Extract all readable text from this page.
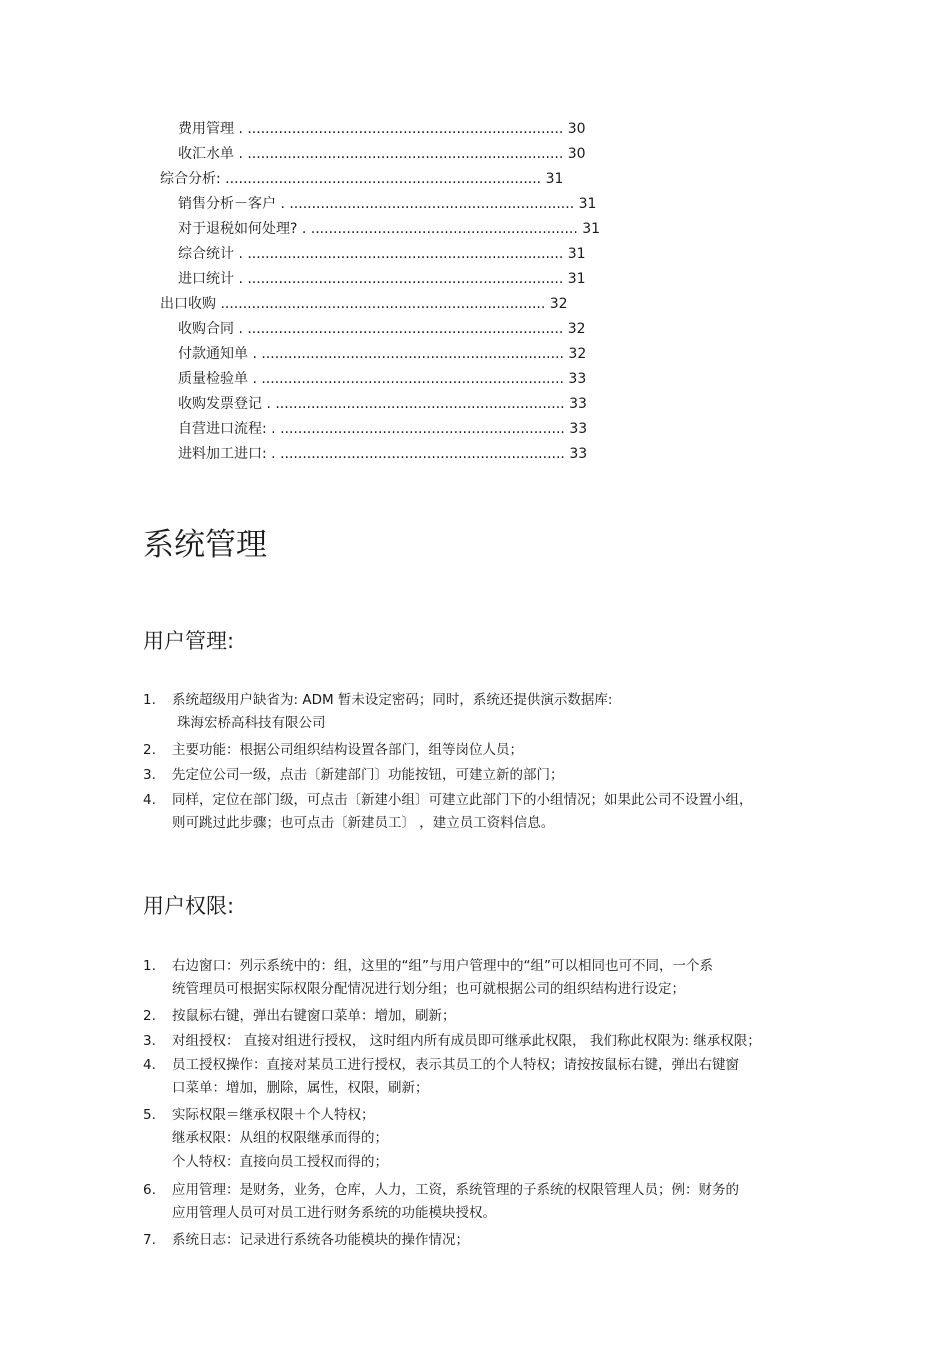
费用管理 . ....................................................................... 30
收汇水单 . ....................................................................... 30
综合分析: ....................................................................... 31
销售分析－客户 . ................................................................ 31
对于退税如何处理? . ............................................................ 31
综合统计 . ....................................................................... 31
进口统计 . ....................................................................... 31
出口收购 ......................................................................... 32
收购合同 . ....................................................................... 32
付款通知单 . .................................................................... 32
质量检验单 . .................................................................... 33
收购发票登记 . ................................................................. 33
自营进口流程: . ................................................................ 33
进料加工进口: . ................................................................ 33
系统管理
用户管理:
1. 系统超级用户缺省为: ADM 暂未设定密码；同时，系统还提供演示数据库:
珠海宏桥高科技有限公司
2. 主要功能：根据公司组织结构设置各部门，组等岗位人员；
3. 先定位公司一级，点击〔新建部门〕功能按钮，可建立新的部门；
4. 同样，定位在部门级，可点击〔新建小组〕可建立此部门下的小组情况；如果此公司不设置小组，
则可跳过此步骤；也可点击〔新建员工〕 ，建立员工资料信息。
用户权限:
1. 右边窗口：列示系统中的：组，这里的“组”与用户管理中的“组”可以相同也可不同，一个系
统管理员可根据实际权限分配情况进行划分组；也可就根据公司的组织结构进行设定；
2. 按鼠标右键，弹出右键窗口菜单：增加，刷新；
3. 对组授权： 直接对组进行授权， 这时组内所有成员即可继承此权限， 我们称此权限为: 继承权限；
4. 员工授权操作：直接对某员工进行授权，表示其员工的个人特权；请按按鼠标右键，弹出右键窗
口菜单：增加，删除，属性，权限，刷新；
5. 实际权限＝继承权限＋个人特权；
继承权限：从组的权限继承而得的；
个人特权：直接向员工授权而得的；
6. 应用管理：是财务，业务，仓库，人力，工资，系统管理的子系统的权限管理人员；例：财务的
应用管理人员可对员工进行财务系统的功能模块授权。
7. 系统日志：记录进行系统各功能模块的操作情况；
